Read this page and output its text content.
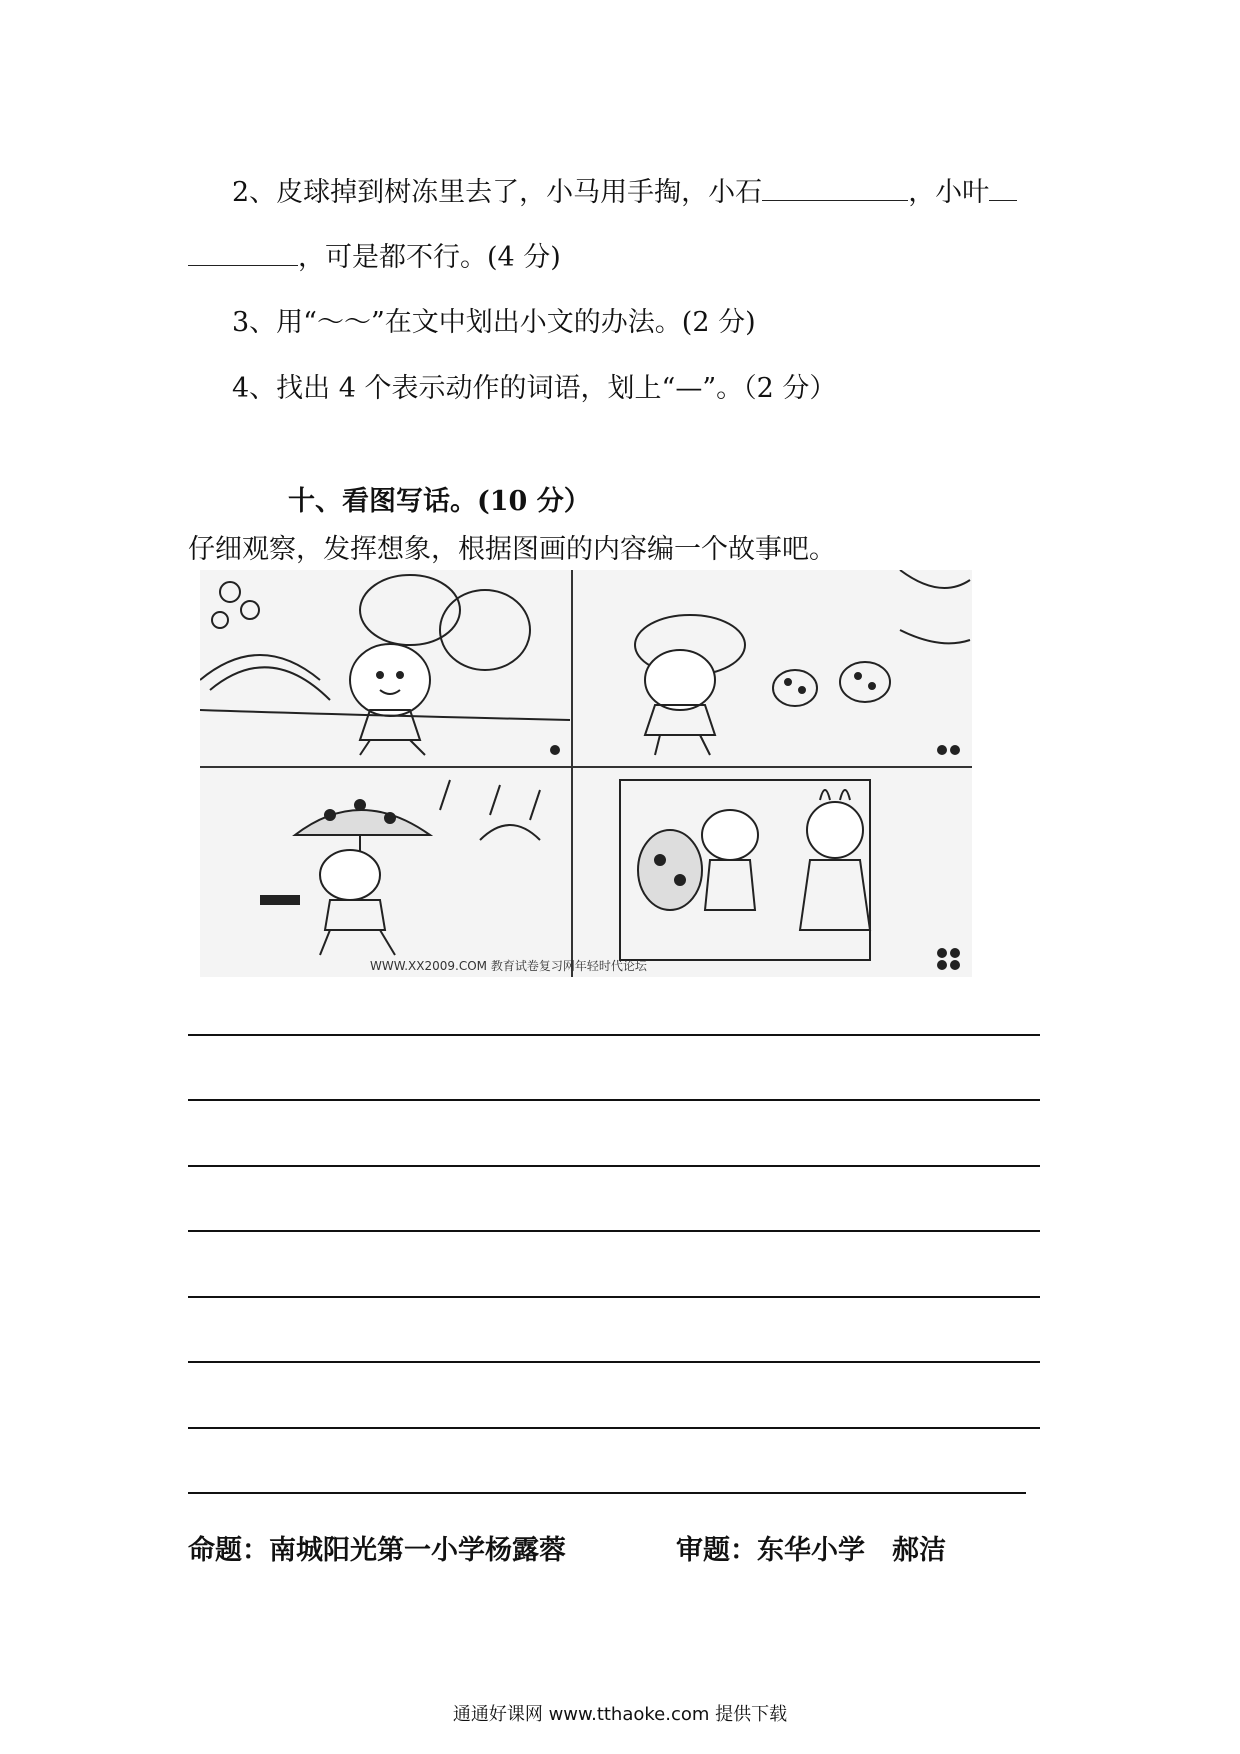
2、皮球掉到树冻里去了，小马用手掏，小石	，小叶
，可是都不行。(4 分)
3、用“～～”在文中划出小文的办法。(2 分)
4、找出 4 个表示动作的词语，划上“—”。（2 分）
十、看图写话。(10 分）
仔细观察，发挥想象，根据图画的内容编一个故事吧。
WWW.XX2009.COM 教育试卷复习网年轻时代论坛
命题：南城阳光第一小学杨露蓉	审题：东华小学　郝洁
通通好课网 www.tthaoke.com 提供下载
